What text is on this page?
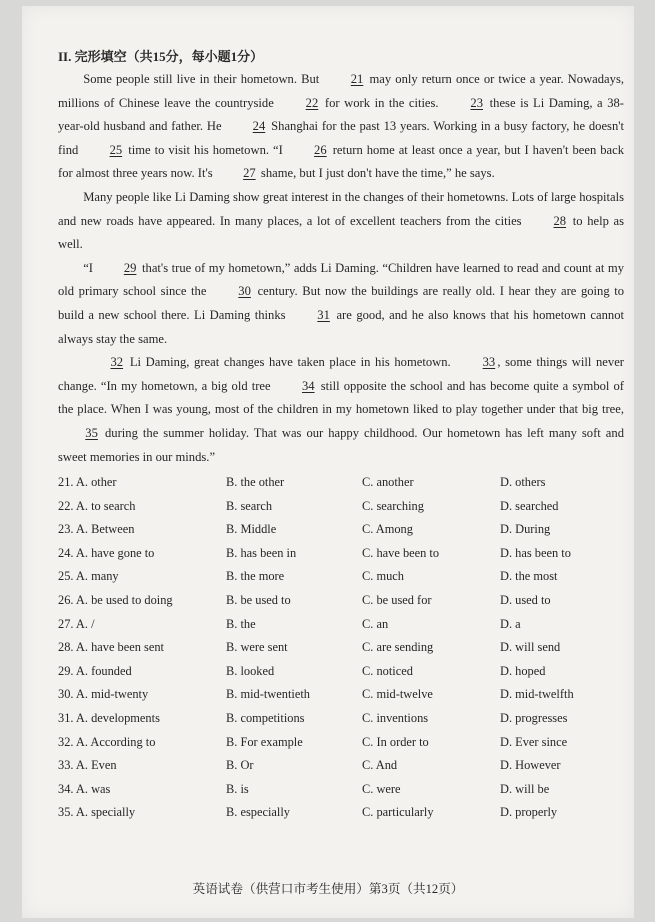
II. 完形填空（共15分，每小题1分）

Some people still live in their hometown. But 21 may only return once or twice a year. Nowadays, millions of Chinese leave the countryside 22 for work in the cities. 23 these is Li Daming, a 38-year-old husband and father. He 24 Shanghai for the past 13 years. Working in a busy factory, he doesn't find 25 time to visit his hometown. “I 26 return home at least once a year, but I haven't been back for almost three years now. It's 27 shame, but I just don't have the time,” he says.

Many people like Li Daming show great interest in the changes of their hometowns. Lots of large hospitals and new roads have appeared. In many places, a lot of excellent teachers from the cities 28 to help as well.

“I 29 that's true of my hometown,” adds Li Daming. “Children have learned to read and count at my old primary school since the 30 century. But now the buildings are really old. I hear they are going to build a new school there. Li Daming thinks 31 are good, and he also knows that his hometown cannot always stay the same.

32 Li Daming, great changes have taken place in his hometown. 33 , some things will never change. “In my hometown, a big old tree 34 still opposite the school and has become quite a symbol of the place. When I was young, most of the children in my hometown liked to play together under that big tree, 35 during the summer holiday. That was our happy childhood. Our hometown has left many soft and sweet memories in our minds.”

21. A. other	B. the other	C. another	D. others
22. A. to search	B. search	C. searching	D. searched
23. A. Between	B. Middle	C. Among	D. During
24. A. have gone to	B. has been in	C. have been to	D. has been to
25. A. many	B. the more	C. much	D. the most
26. A. be used to doing	B. be used to	C. be used for	D. used to
27. A. /	B. the	C. an	D. a
28. A. have been sent	B. were sent	C. are sending	D. will send
29. A. founded	B. looked	C. noticed	D. hoped
30. A. mid-twenty	B. mid-twentieth	C. mid-twelve	D. mid-twelfth
31. A. developments	B. competitions	C. inventions	D. progresses
32. A. According to	B. For example	C. In order to	D. Ever since
33. A. Even	B. Or	C. And	D. However
34. A. was	B. is	C. were	D. will be
35. A. specially	B. especially	C. particularly	D. properly
英语试卷（供营口市考生使用）第3页（共12页）
